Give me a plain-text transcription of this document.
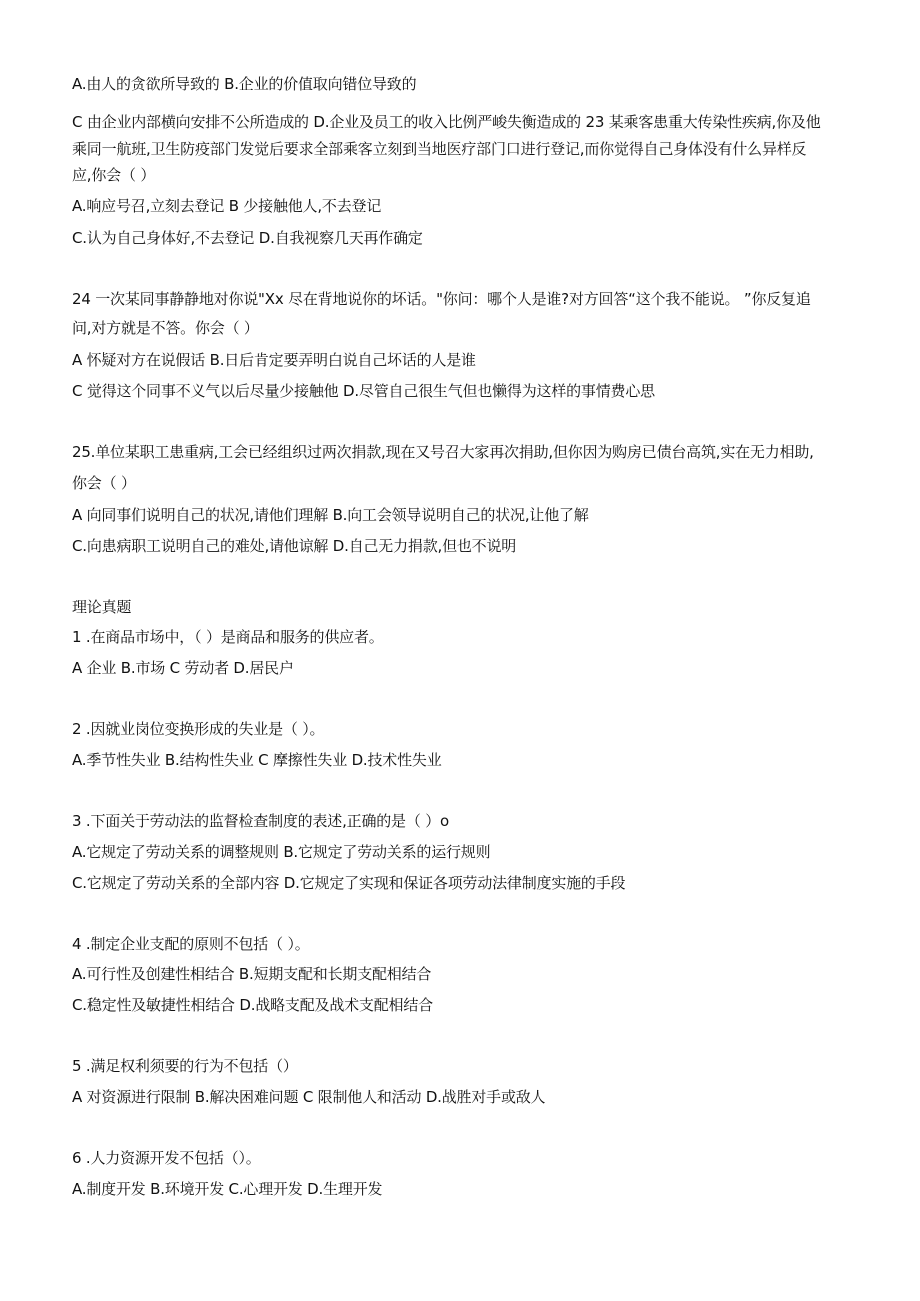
A.由人的贪欲所导致的 B.企业的价值取向错位导致的
C 由企业内部横向安排不公所造成的 D.企业及员工的收入比例严峻失衡造成的 23 某乘客患重大传染性疾病,你及他
乘同一航班,卫生防疫部门发觉后要求全部乘客立刻到当地医疗部门口进行登记,而你觉得自己身体没有什么异样反
应,你会（ ）
A.响应号召,立刻去登记 B 少接触他人,不去登记
C.认为自己身体好,不去登记 D.自我视察几天再作确定
24 一次某同事静静地对你说"Xx 尽在背地说你的坏话。"你问：哪个人是谁?对方回答“这个我不能说。 ”你反复追
问,对方就是不答。你会（ ）
A 怀疑对方在说假话 B.日后肯定要弄明白说自己坏话的人是谁
C 觉得这个同事不义气以后尽量少接触他 D.尽管自己很生气但也懒得为这样的事情费心思
25.单位某职工患重病,工会已经组织过两次捐款,现在又号召大家再次捐助,但你因为购房已债台高筑,实在无力相助,
你会（ ）
A 向同事们说明自己的状况,请他们理解 B.向工会领导说明自己的状况,让他了解
C.向患病职工说明自己的难处,请他谅解 D.自己无力捐款,但也不说明
理论真题
1 .在商品市场中，（ ）是商品和服务的供应者。
A 企业 B.市场 C 劳动者 D.居民户
2 .因就业岗位变换形成的失业是（ ）。
A.季节性失业 B.结构性失业 C 摩擦性失业 D.技术性失业
3 .下面关于劳动法的监督检查制度的表述,正确的是（ ）o
A.它规定了劳动关系的调整规则 B.它规定了劳动关系的运行规则
C.它规定了劳动关系的全部内容 D.它规定了实现和保证各项劳动法律制度实施的手段
4 .制定企业支配的原则不包括（ ）。
A.可行性及创建性相结合 B.短期支配和长期支配相结合
C.稳定性及敏捷性相结合 D.战略支配及战术支配相结合
5 .满足权利须要的行为不包括（）
A 对资源进行限制 B.解决困难问题 C 限制他人和活动 D.战胜对手或敌人
6 .人力资源开发不包括（）。
A.制度开发 B.环境开发 C.心理开发 D.生理开发
